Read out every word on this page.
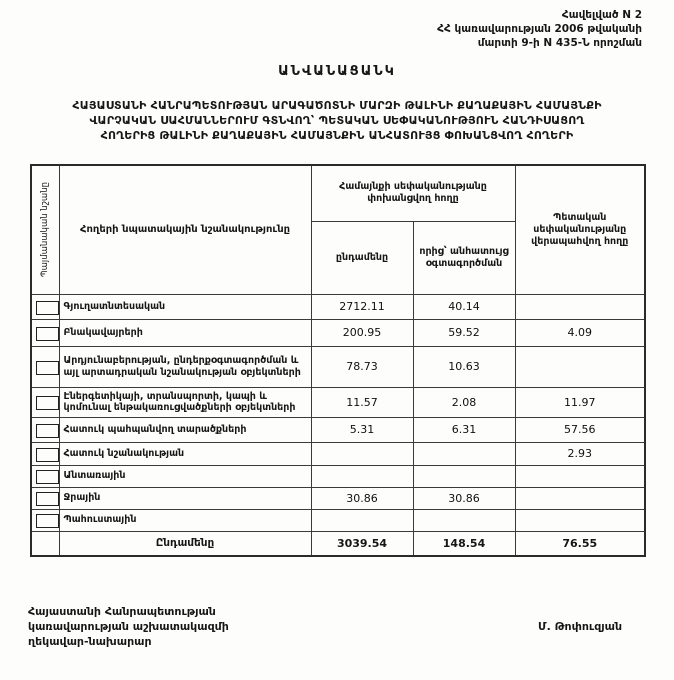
Հավելված N 2
ՀՀ կառավարության 2006 թվականի
մարտի 9-ի N 435-Ն որոշման
ԱՆՎԱՆԱՑԱՆԿ
ՀԱՅԱՍՏԱՆԻ ՀԱՆՐԱՊԵՏՈՒԹՅԱՆ ԱՐԱԳԱԾՈՏՆԻ ՄԱՐԶԻ ԹԱԼԻՆԻ ՔԱՂԱՔԱՅԻՆ ՀԱՄԱՅՆՔԻ
ՎԱՐՉԱԿԱՆ ՍԱՀՄԱՆՆԵՐՈՒՄ ԳՏՆՎՈՂ՝ ՊԵՏԱԿԱՆ ՍԵՓԱԿԱՆՈՒԹՅՈՒՆ ՀԱՆԴԻՍԱՑՈՂ
ՀՈՂԵՐԻՑ ԹԱԼԻՆԻ ՔԱՂԱՔԱՅԻՆ ՀԱՄԱՅՆՔԻՆ ԱՆՀԱՏՈՒՅՑ ՓՈԽԱՆՑՎՈՂ ՀՈՂԵՐԻ
Պայմանական նշանը	Հողերի նպատակային նշանակությունը	Համայնքի սեփականությանը փոխանցվող հողը		Պետական սեփականությանը վերապահվող հողը
		ընդամենը	որից՝ անհատույց օգտագործման	
	Գյուղատնտեսական	2712.11	40.14	
	Բնակավայրերի	200.95	59.52	4.09
	Արդյունաբերության, ընդերքօգտագործման և այլ արտադրական նշանակության օբյեկտների	78.73	10.63	
	Էներգետիկայի, տրանսպորտի, կապի և կոմունալ ենթակառուցվածքների օբյեկտների	11.57	2.08	11.97
	Հատուկ պահպանվող տարածքների	5.31	6.31	57.56
	Հատուկ նշանակության			2.93
	Անտառային			
	Ջրային	30.86	30.86	
	Պահուստային			
	Ընդամենը	3039.54	148.54	76.55
Հայաստանի Հանրապետության
կառավարության աշխատակազմի
ղեկավար-նախարար
Մ. Թոփուզյան
